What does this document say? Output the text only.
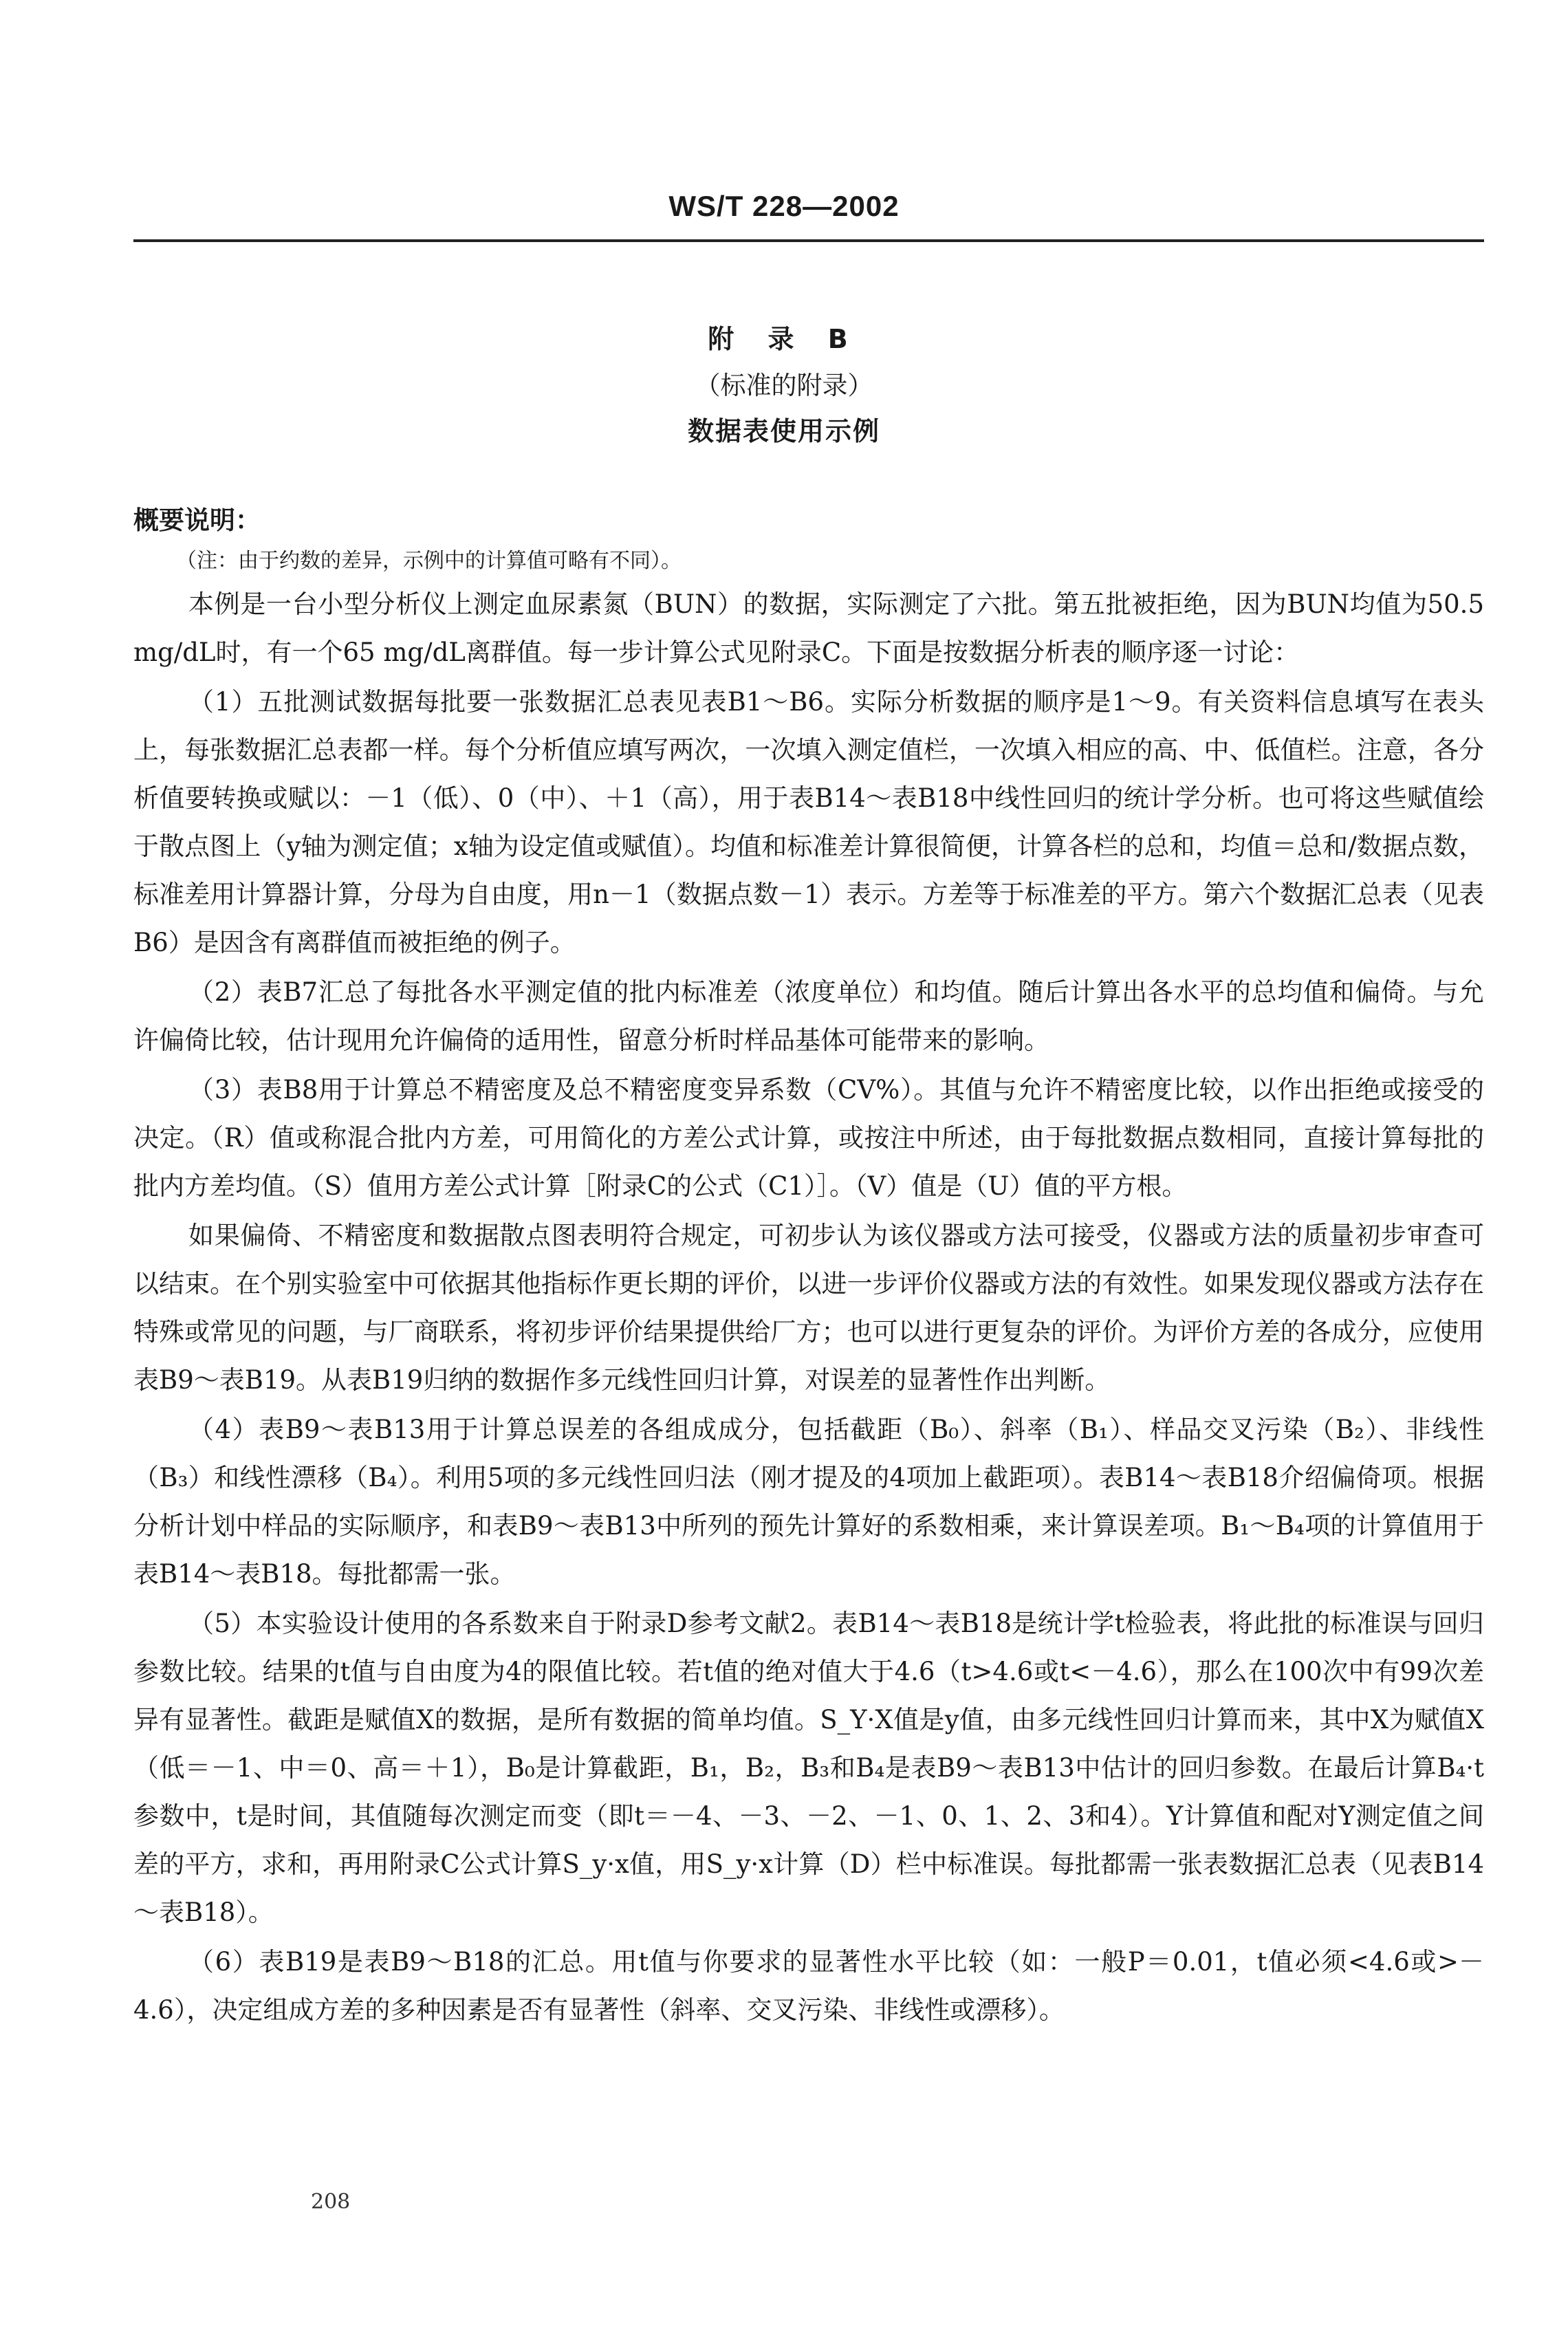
WS/T 228—2002
附 录 B
（标准的附录）
数据表使用示例

概要说明：

（注：由于约数的差异，示例中的计算值可略有不同）。

本例是一台小型分析仪上测定血尿素氮（BUN）的数据，实际测定了六批。第五批被拒绝，因为BUN均值为50.5 mg/dL时，有一个65 mg/dL离群值。每一步计算公式见附录C。下面是按数据分析表的顺序逐一讨论：

（1）五批测试数据每批要一张数据汇总表见表B1～B6。实际分析数据的顺序是1～9。有关资料信息填写在表头上，每张数据汇总表都一样。每个分析值应填写两次，一次填入测定值栏，一次填入相应的高、中、低值栏。注意，各分析值要转换或赋以：－1（低）、0（中）、＋1（高），用于表B14～表B18中线性回归的统计学分析。也可将这些赋值绘于散点图上（y轴为测定值；x轴为设定值或赋值）。均值和标准差计算很简便，计算各栏的总和，均值＝总和/数据点数，标准差用计算器计算，分母为自由度，用n－1（数据点数－1）表示。方差等于标准差的平方。第六个数据汇总表（见表B6）是因含有离群值而被拒绝的例子。

（2）表B7汇总了每批各水平测定值的批内标准差（浓度单位）和均值。随后计算出各水平的总均值和偏倚。与允许偏倚比较，估计现用允许偏倚的适用性，留意分析时样品基体可能带来的影响。

（3）表B8用于计算总不精密度及总不精密度变异系数（CV%）。其值与允许不精密度比较，以作出拒绝或接受的决定。（R）值或称混合批内方差，可用简化的方差公式计算，或按注中所述，由于每批数据点数相同，直接计算每批的批内方差均值。（S）值用方差公式计算［附录C的公式（C1）］。（V）值是（U）值的平方根。

如果偏倚、不精密度和数据散点图表明符合规定，可初步认为该仪器或方法可接受，仪器或方法的质量初步审查可以结束。在个别实验室中可依据其他指标作更长期的评价，以进一步评价仪器或方法的有效性。如果发现仪器或方法存在特殊或常见的问题，与厂商联系，将初步评价结果提供给厂方；也可以进行更复杂的评价。为评价方差的各成分，应使用表B9～表B19。从表B19归纳的数据作多元线性回归计算，对误差的显著性作出判断。

（4）表B9～表B13用于计算总误差的各组成成分，包括截距（B₀）、斜率（B₁）、样品交叉污染（B₂）、非线性（B₃）和线性漂移（B₄）。利用5项的多元线性回归法（刚才提及的4项加上截距项）。表B14～表B18介绍偏倚项。根据分析计划中样品的实际顺序，和表B9～表B13中所列的预先计算好的系数相乘，来计算误差项。B₁～B₄项的计算值用于表B14～表B18。每批都需一张。

（5）本实验设计使用的各系数来自于附录D参考文献2。表B14～表B18是统计学t检验表，将此批的标准误与回归参数比较。结果的t值与自由度为4的限值比较。若t值的绝对值大于4.6（t>4.6或t<－4.6），那么在100次中有99次差异有显著性。截距是赋值X的数据，是所有数据的简单均值。S_Y·X值是y值，由多元线性回归计算而来，其中X为赋值X（低＝－1、中＝0、高＝＋1），B₀是计算截距，B₁，B₂，B₃和B₄是表B9～表B13中估计的回归参数。在最后计算B₄·t参数中，t是时间，其值随每次测定而变（即t＝－4、－3、－2、－1、0、1、2、3和4）。Y计算值和配对Y测定值之间差的平方，求和，再用附录C公式计算S_y·x值，用S_y·x计算（D）栏中标准误。每批都需一张表数据汇总表（见表B14～表B18）。

（6）表B19是表B9～B18的汇总。用t值与你要求的显著性水平比较（如：一般P＝0.01，t值必须<4.6或>－4.6），决定组成方差的多种因素是否有显著性（斜率、交叉污染、非线性或漂移）。

208
